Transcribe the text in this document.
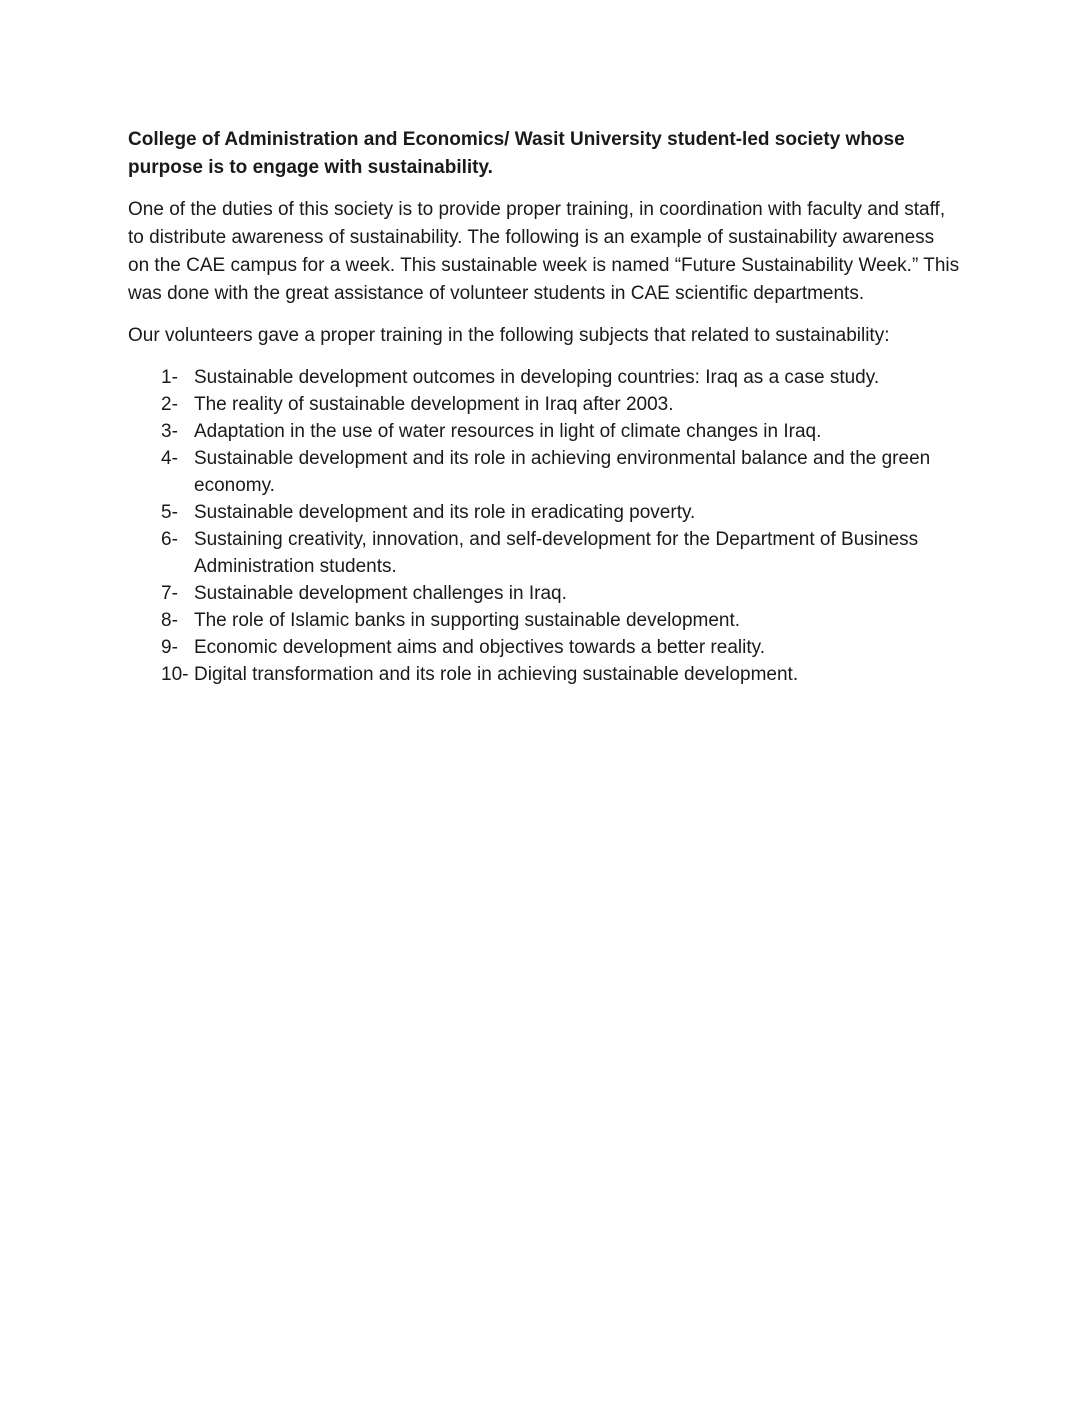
College of Administration and Economics/ Wasit University student-led society whose purpose is to engage with sustainability.

One of the duties of this society is to provide proper training, in coordination with faculty and staff, to distribute awareness of sustainability. The following is an example of sustainability awareness on the CAE campus for a week. This sustainable week is named “Future Sustainability Week.” This was done with the great assistance of volunteer students in CAE scientific departments.

Our volunteers gave a proper training in the following subjects that related to sustainability:

1- Sustainable development outcomes in developing countries: Iraq as a case study.
2- The reality of sustainable development in Iraq after 2003.
3- Adaptation in the use of water resources in light of climate changes in Iraq.
4- Sustainable development and its role in achieving environmental balance and the green economy.
5- Sustainable development and its role in eradicating poverty.
6- Sustaining creativity, innovation, and self-development for the Department of Business Administration students.
7- Sustainable development challenges in Iraq.
8- The role of Islamic banks in supporting sustainable development.
9- Economic development aims and objectives towards a better reality.
10- Digital transformation and its role in achieving sustainable development.
